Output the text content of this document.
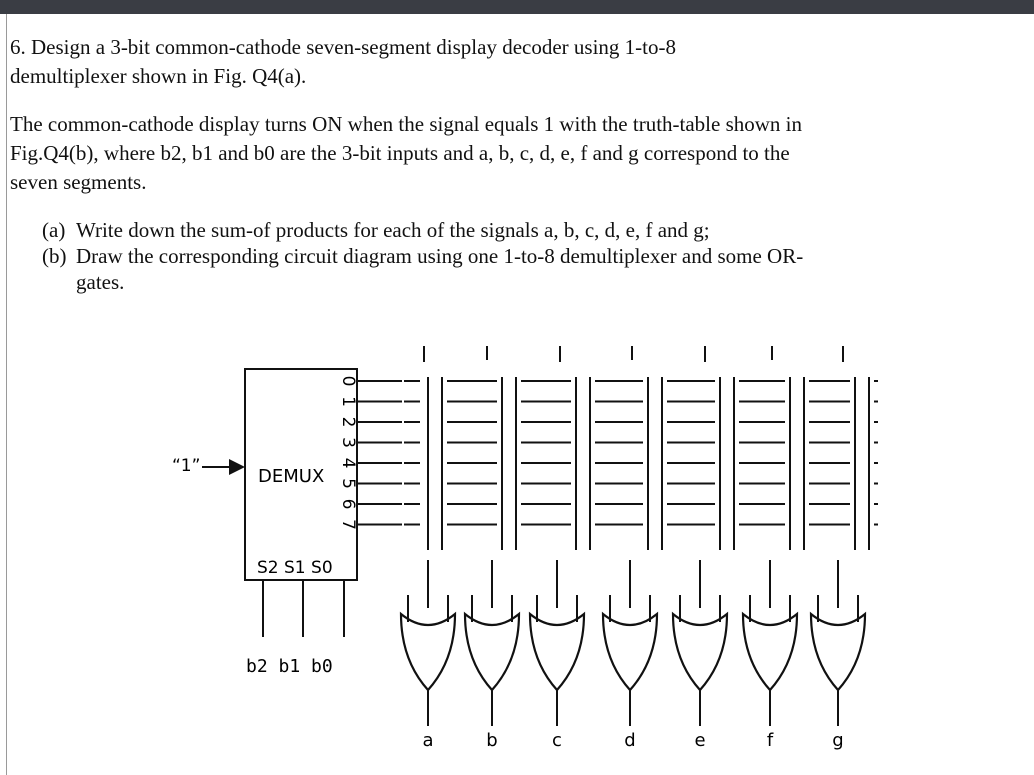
6. Design a 3-bit common-cathode seven-segment display decoder using 1-to-8 demultiplexer shown in Fig. Q4(a).

The common-cathode display turns ON when the signal equals 1 with the truth-table shown in Fig.Q4(b), where b2, b1 and b0 are the 3-bit inputs and a, b, c, d, e, f and g correspond to the seven segments.

(a) Write down the sum-of products for each of the signals a, b, c, d, e, f and g;
(b) Draw the corresponding circuit diagram using one 1-to-8 demultiplexer and some OR-gates.
“1”	DEMUX
0
1
2
3
4
5
6
7
S2 S1 S0
b2 b1 b0
a	b	c	d	e	f	g
